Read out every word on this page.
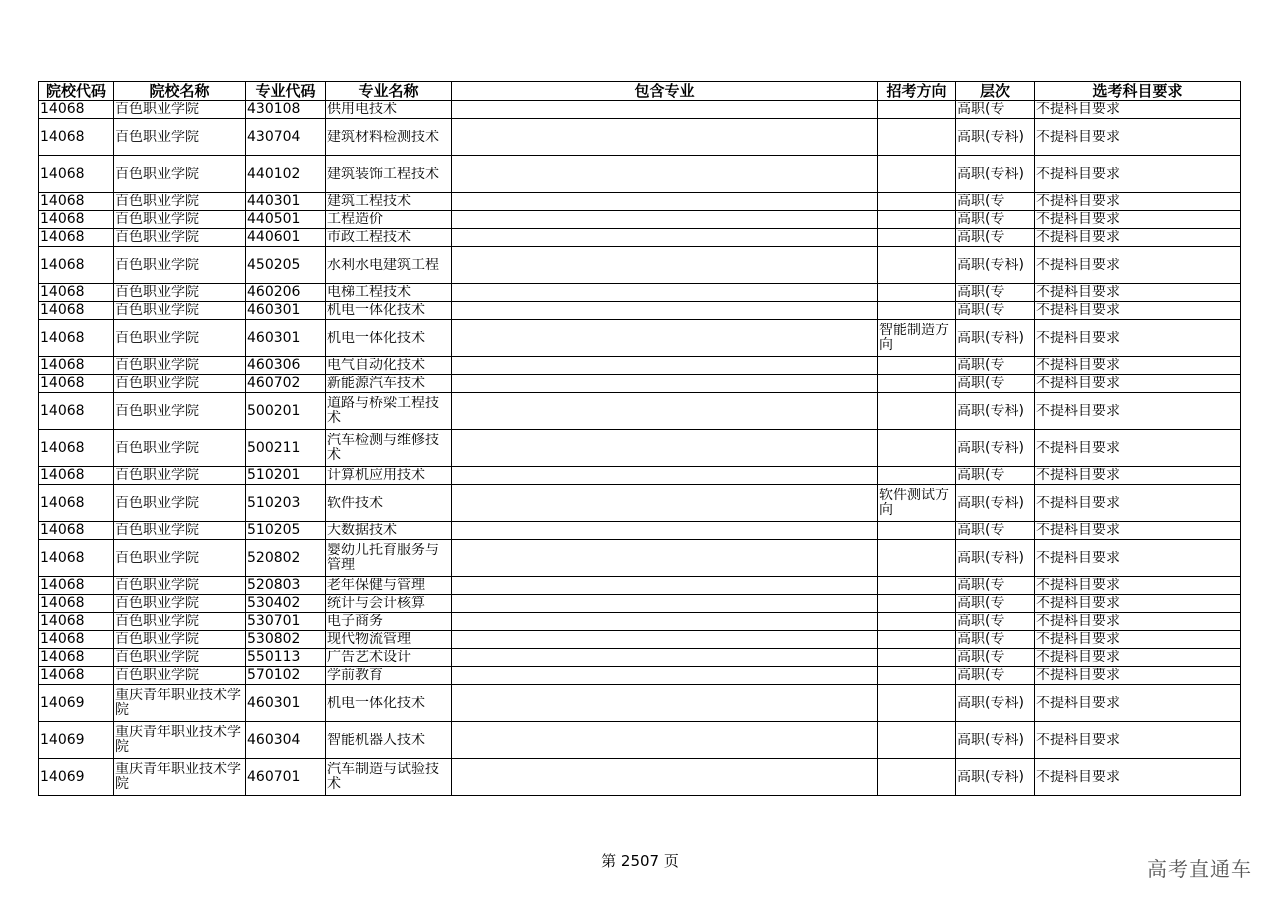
院校代码	院校名称	专业代码	专业名称	包含专业	招考方向	层次	选考科目要求

14068	百色职业学院	430108	供用电技术			高职(专	不提科目要求

14068	百色职业学院	430704	建筑材料检测技术			高职(专科)	不提科目要求

14068	百色职业学院	440102	建筑装饰工程技术			高职(专科)	不提科目要求

14068	百色职业学院	440301	建筑工程技术			高职(专	不提科目要求

14068	百色职业学院	440501	工程造价			高职(专	不提科目要求

14068	百色职业学院	440601	市政工程技术			高职(专	不提科目要求

14068	百色职业学院	450205	水利水电建筑工程			高职(专科)	不提科目要求

14068	百色职业学院	460206	电梯工程技术			高职(专	不提科目要求

14068	百色职业学院	460301	机电一体化技术			高职(专	不提科目要求

14068	百色职业学院	460301	机电一体化技术		智能制造方向	高职(专科)	不提科目要求

14068	百色职业学院	460306	电气自动化技术			高职(专	不提科目要求

14068	百色职业学院	460702	新能源汽车技术			高职(专	不提科目要求

14068	百色职业学院	500201	道路与桥梁工程技术			高职(专科)	不提科目要求

14068	百色职业学院	500211	汽车检测与维修技术			高职(专科)	不提科目要求

14068	百色职业学院	510201	计算机应用技术			高职(专	不提科目要求

14068	百色职业学院	510203	软件技术		软件测试方向	高职(专科)	不提科目要求

14068	百色职业学院	510205	大数据技术			高职(专	不提科目要求

14068	百色职业学院	520802	婴幼儿托育服务与管理			高职(专科)	不提科目要求

14068	百色职业学院	520803	老年保健与管理			高职(专	不提科目要求

14068	百色职业学院	530402	统计与会计核算			高职(专	不提科目要求

14068	百色职业学院	530701	电子商务			高职(专	不提科目要求

14068	百色职业学院	530802	现代物流管理			高职(专	不提科目要求

14068	百色职业学院	550113	广告艺术设计			高职(专	不提科目要求

14068	百色职业学院	570102	学前教育			高职(专	不提科目要求

14069	重庆青年职业技术学院	460301	机电一体化技术			高职(专科)	不提科目要求

14069	重庆青年职业技术学院	460304	智能机器人技术			高职(专科)	不提科目要求

14069	重庆青年职业技术学院	460701	汽车制造与试验技术			高职(专科)	不提科目要求
第 2507 页	高考直通车
